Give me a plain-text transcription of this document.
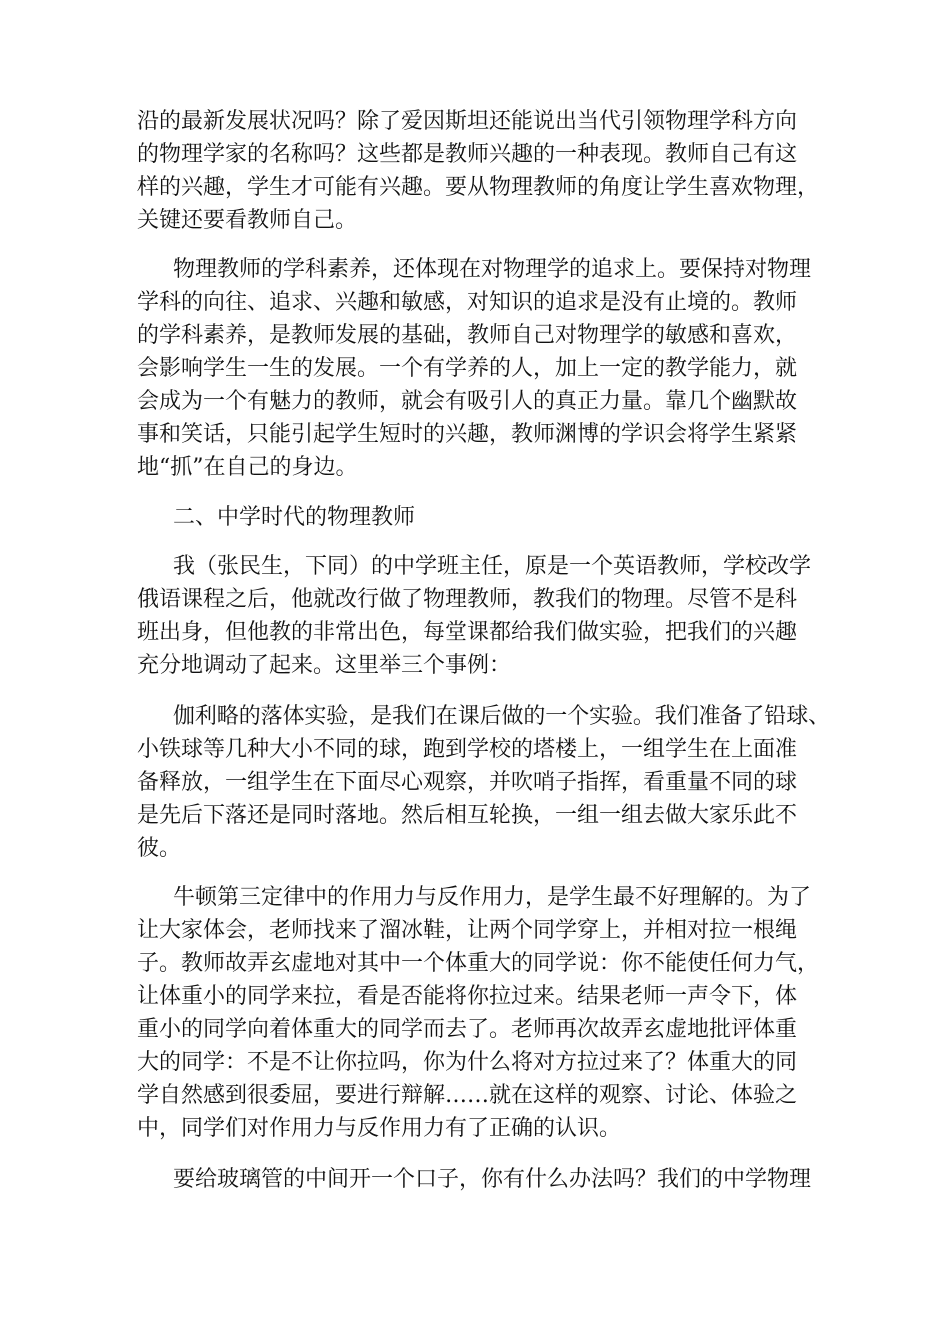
沿的最新发展状况吗？除了爱因斯坦还能说出当代引领物理学科方向
的物理学家的名称吗？这些都是教师兴趣的一种表现。教师自己有这
样的兴趣，学生才可能有兴趣。要从物理教师的角度让学生喜欢物理，
关键还要看教师自己。
物理教师的学科素养，还体现在对物理学的追求上。要保持对物理
学科的向往、追求、兴趣和敏感，对知识的追求是没有止境的。教师
的学科素养，是教师发展的基础，教师自己对物理学的敏感和喜欢，
会影响学生一生的发展。一个有学养的人，加上一定的教学能力，就
会成为一个有魅力的教师，就会有吸引人的真正力量。靠几个幽默故
事和笑话，只能引起学生短时的兴趣，教师渊博的学识会将学生紧紧
地“抓”在自己的身边。
二、中学时代的物理教师
我（张民生，下同）的中学班主任，原是一个英语教师，学校改学
俄语课程之后，他就改行做了物理教师，教我们的物理。尽管不是科
班出身，但他教的非常出色，每堂课都给我们做实验，把我们的兴趣
充分地调动了起来。这里举三个事例：
伽利略的落体实验，是我们在课后做的一个实验。我们准备了铅球、
小铁球等几种大小不同的球，跑到学校的塔楼上，一组学生在上面准
备释放，一组学生在下面尽心观察，并吹哨子指挥，看重量不同的球
是先后下落还是同时落地。然后相互轮换，一组一组去做大家乐此不
彼。
牛顿第三定律中的作用力与反作用力，是学生最不好理解的。为了
让大家体会，老师找来了溜冰鞋，让两个同学穿上，并相对拉一根绳
子。教师故弄玄虚地对其中一个体重大的同学说：你不能使任何力气，
让体重小的同学来拉，看是否能将你拉过来。结果老师一声令下，体
重小的同学向着体重大的同学而去了。老师再次故弄玄虚地批评体重
大的同学：不是不让你拉吗，你为什么将对方拉过来了？体重大的同
学自然感到很委屈，要进行辩解……就在这样的观察、讨论、体验之
中，同学们对作用力与反作用力有了正确的认识。
要给玻璃管的中间开一个口子，你有什么办法吗？我们的中学物理
